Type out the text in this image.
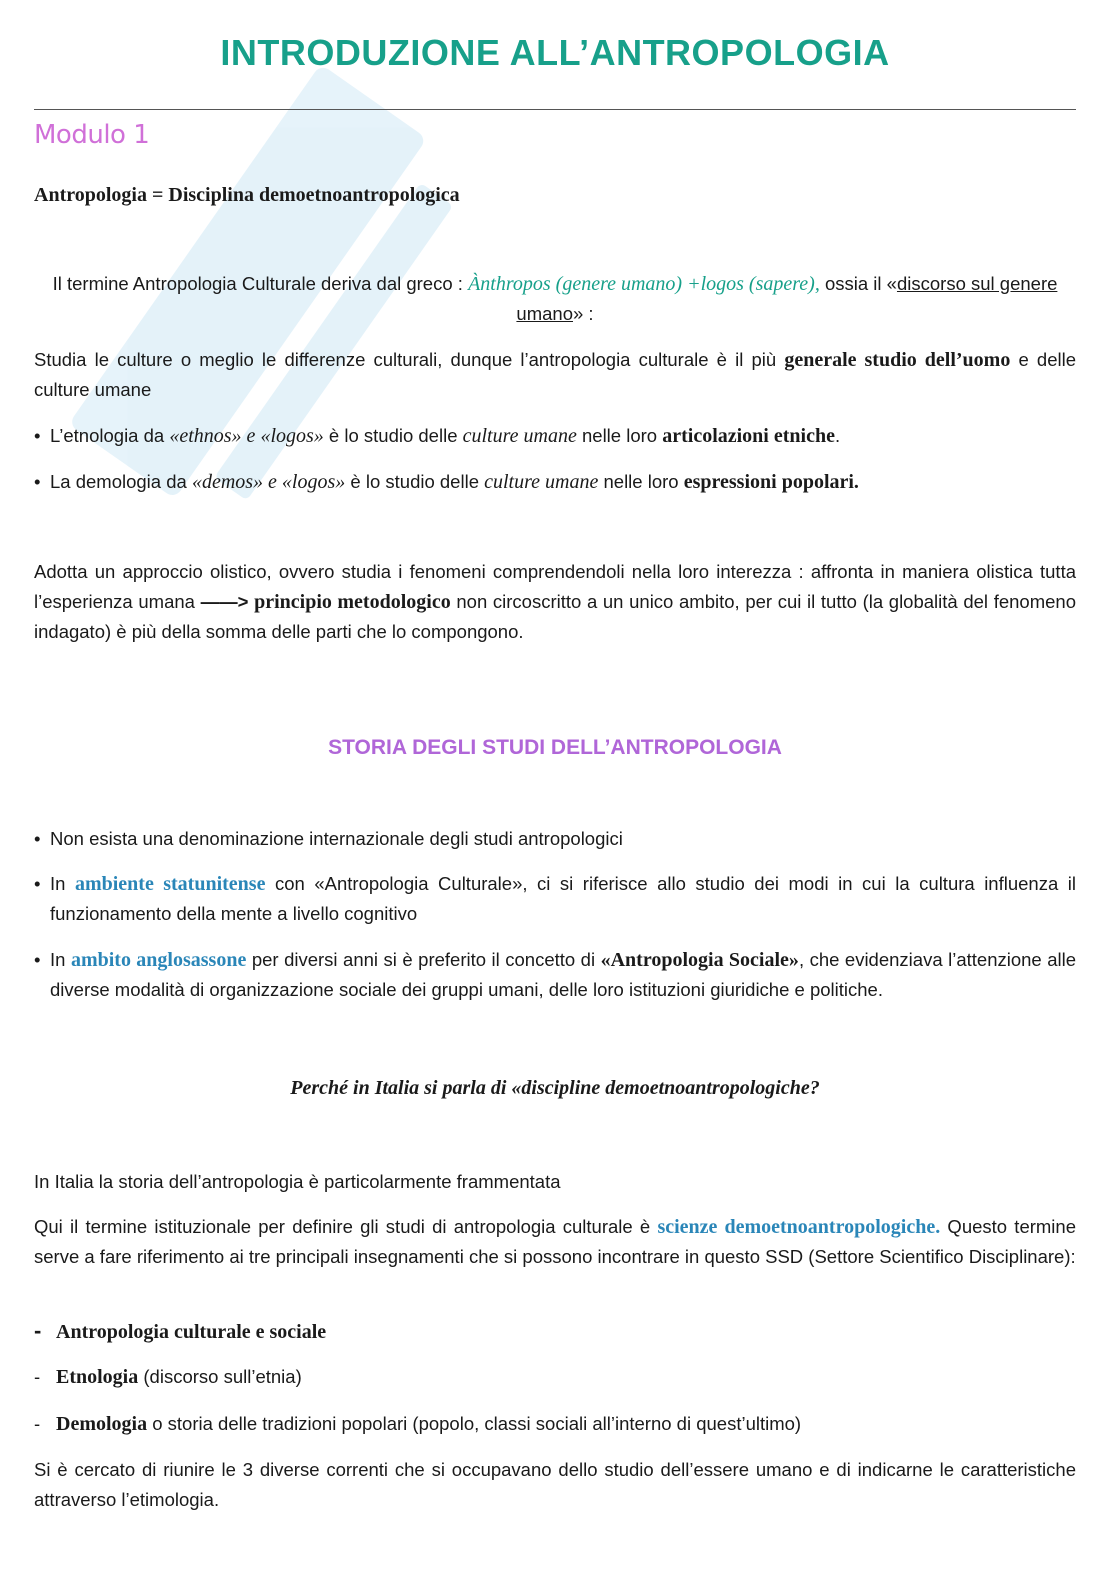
INTRODUZIONE ALL’ANTROPOLOGIA
Modulo 1
Antropologia = Disciplina demoetnoantropologica
Il termine Antropologia Culturale deriva dal greco : Ànthropos (genere umano) +logos (sapere), ossia il «discorso sul genere umano» :
Studia le culture o meglio le differenze culturali, dunque l’antropologia culturale è il più generale studio dell’uomo e delle culture umane
• L’etnologia da «ethnos» e «logos» è lo studio delle culture umane nelle loro articolazioni etniche.
• La demologia da «demos» e «logos» è lo studio delle culture umane nelle loro espressioni popolari.
Adotta un approccio olistico, ovvero studia i fenomeni comprendendoli nella loro interezza : affronta in maniera olistica tutta l’esperienza umana ——> principio metodologico non circoscritto a un unico ambito, per cui il tutto (la globalità del fenomeno indagato) è più della somma delle parti che lo compongono.
STORIA DEGLI STUDI DELL’ANTROPOLOGIA
• Non esista una denominazione internazionale degli studi antropologici
• In ambiente statunitense con «Antropologia Culturale», ci si riferisce allo studio dei modi in cui la cultura influenza il funzionamento della mente a livello cognitivo
• In ambito anglosassone per diversi anni si è preferito il concetto di «Antropologia Sociale», che evidenziava l’attenzione alle diverse modalità di organizzazione sociale dei gruppi umani, delle loro istituzioni giuridiche e politiche.
Perché in Italia si parla di «discipline demoetnoantropologiche?
In Italia la storia dell’antropologia è particolarmente frammentata
Qui il termine istituzionale per definire gli studi di antropologia culturale è scienze demoetnoantropologiche. Questo termine serve a fare riferimento ai tre principali insegnamenti che si possono incontrare in questo SSD (Settore Scientifico Disciplinare):
- Antropologia culturale e sociale
- Etnologia (discorso sull’etnia)
- Demologia o storia delle tradizioni popolari (popolo, classi sociali all’interno di quest’ultimo)
Si è cercato di riunire le 3 diverse correnti che si occupavano dello studio dell’essere umano e di indicarne le caratteristiche attraverso l’etimologia.
